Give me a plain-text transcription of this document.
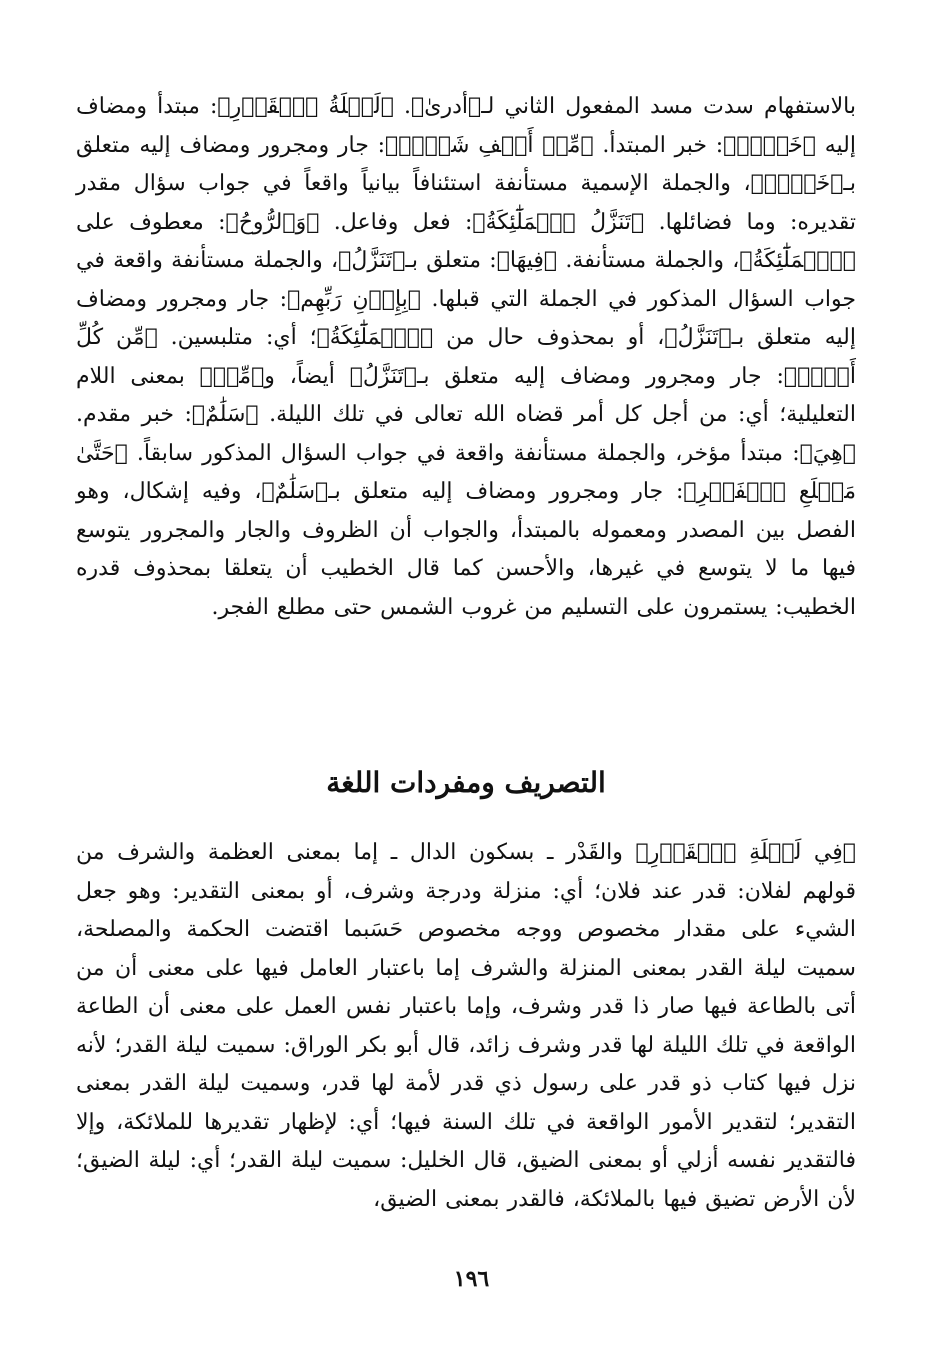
بالاستفهام سدت مسد المفعول الثاني لـ﴿أدرىٰ﴾. ﴿لَيۡلَةُ ٱلۡقَدۡرِ﴾: مبتدأ ومضاف إليه ﴿خَيۡرٞ﴾: خبر المبتدأ. ﴿مِّنۡ أَلۡفِ شَهۡرٖ﴾: جار ومجرور ومضاف إليه متعلق بـ﴿خَيۡرٞ﴾، والجملة الإسمية مستأنفة استئنافاً بيانياً واقعاً في جواب سؤال مقدر تقديره: وما فضائلها. ﴿تَنَزَّلُ ٱلۡمَلَٰٓئِكَةُ﴾: فعل وفاعل. ﴿وَٱلرُّوحُ﴾: معطوف على ﴿ٱلۡمَلَٰٓئِكَةُ﴾، والجملة مستأنفة. ﴿فِيهَا﴾: متعلق بـ﴿تَنَزَّلُ﴾، والجملة مستأنفة واقعة في جواب السؤال المذكور في الجملة التي قبلها. ﴿بِإِذۡنِ رَبِّهِم﴾: جار ومجرور ومضاف إليه متعلق بـ﴿تَنَزَّلُ﴾، أو بمحذوف حال من ﴿ٱلۡمَلَٰٓئِكَةُ﴾؛ أي: متلبسين. ﴿مِّن كُلِّ أَمۡرٖ﴾: جار ومجرور ومضاف إليه متعلق بـ﴿تَنَزَّلُ﴾ أيضاً، و﴿مِّنۡ﴾ بمعنى اللام التعليلية؛ أي: من أجل كل أمر قضاه الله تعالى في تلك الليلة. ﴿سَلَٰمٌ﴾: خبر مقدم. ﴿هِيَ﴾: مبتدأ مؤخر، والجملة مستأنفة واقعة في جواب السؤال المذكور سابقاً. ﴿حَتَّىٰ مَطۡلَعِ ٱلۡفَجۡرِ﴾: جار ومجرور ومضاف إليه متعلق بـ﴿سَلَٰمٌ﴾، وفيه إشكال، وهو الفصل بين المصدر ومعموله بالمبتدأ، والجواب أن الظروف والجار والمجرور يتوسع فيها ما لا يتوسع في غيرها، والأحسن كما قال الخطيب أن يتعلقا بمحذوف قدره الخطيب: يستمرون على التسليم من غروب الشمس حتى مطلع الفجر.

التصريف ومفردات اللغة

﴿فِي لَيۡلَةِ ٱلۡقَدۡرِ﴾ والقَدْر ـ بسكون الدال ـ إما بمعنى العظمة والشرف من قولهم لفلان: قدر عند فلان؛ أي: منزلة ودرجة وشرف، أو بمعنى التقدير: وهو جعل الشيء على مقدار مخصوص ووجه مخصوص حَسَبما اقتضت الحكمة والمصلحة، سميت ليلة القدر بمعنى المنزلة والشرف إما باعتبار العامل فيها على معنى أن من أتى بالطاعة فيها صار ذا قدر وشرف، وإما باعتبار نفس العمل على معنى أن الطاعة الواقعة في تلك الليلة لها قدر وشرف زائد، قال أبو بكر الوراق: سميت ليلة القدر؛ لأنه نزل فيها كتاب ذو قدر على رسول ذي قدر لأمة لها قدر، وسميت ليلة القدر بمعنى التقدير؛ لتقدير الأمور الواقعة في تلك السنة فيها؛ أي: لإظهار تقديرها للملائكة، وإلا فالتقدير نفسه أزلي أو بمعنى الضيق، قال الخليل: سميت ليلة القدر؛ أي: ليلة الضيق؛ لأن الأرض تضيق فيها بالملائكة، فالقدر بمعنى الضيق،

١٩٦
